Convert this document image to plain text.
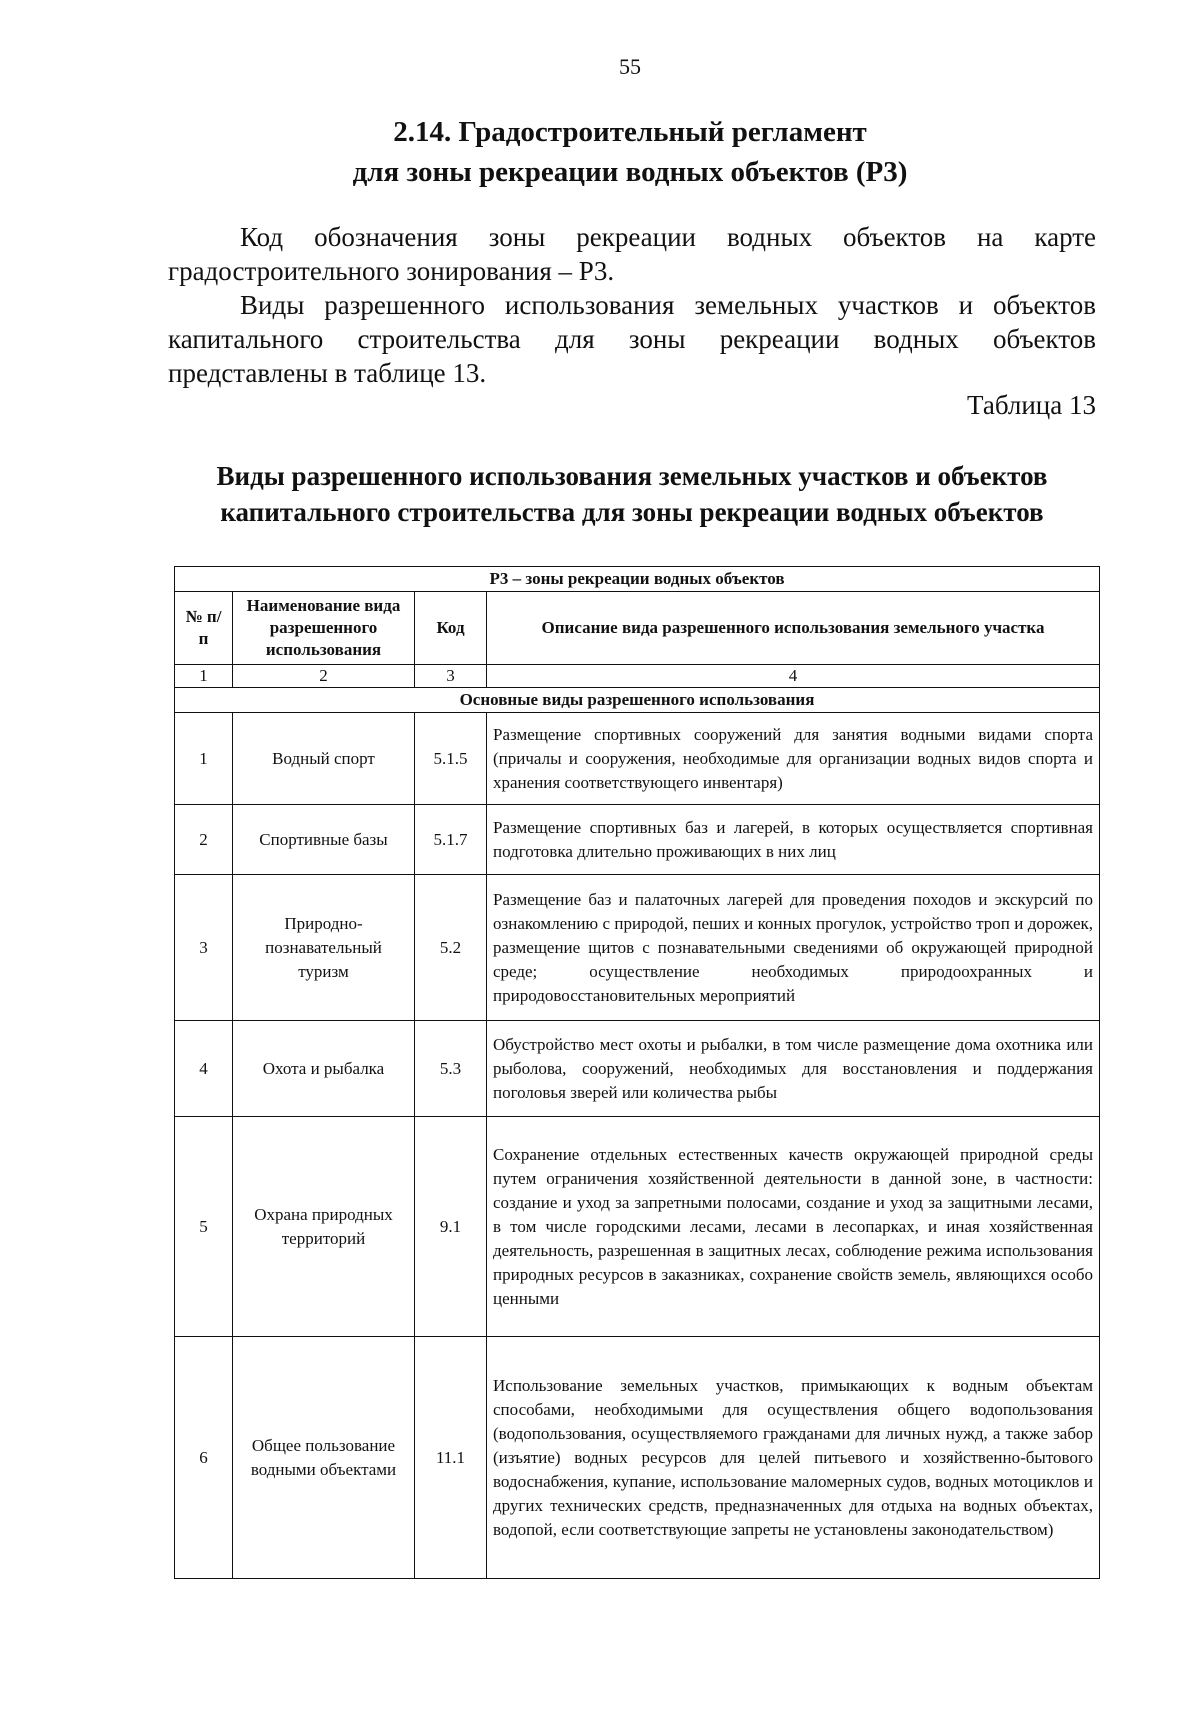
55
2.14. Градостроительный регламент
для зоны рекреации водных объектов (Р3)

Код обозначения зоны рекреации водных объектов на карте градостроительного зонирования – Р3.

Виды разрешенного использования земельных участков и объектов капитального строительства для зоны рекреации водных объектов представлены в таблице 13.

Таблица 13
Виды разрешенного использования земельных участков и объектов
капитального строительства для зоны рекреации водных объектов
Р3 – зоны рекреации водных объектов			
№ п/п	Наименование вида разрешенного использования	Код	Описание вида разрешенного использования земельного участка
1	2	3	4
Основные виды разрешенного использования			
1	Водный спорт	5.1.5	Размещение спортивных сооружений для занятия водными видами спорта (причалы и сооружения, необходимые для организации водных видов спорта и хранения соответствующего инвентаря)
2	Спортивные базы	5.1.7	Размещение спортивных баз и лагерей, в которых осуществляется спортивная подготовка длительно проживающих в них лиц
3	Природно-познавательный туризм	5.2	Размещение баз и палаточных лагерей для проведения походов и экскурсий по ознакомлению с природой, пеших и конных прогулок, устройство троп и дорожек, размещение щитов с познавательными сведениями об окружающей природной среде; осуществление необходимых природоохранных и природовосстановительных мероприятий
4	Охота и рыбалка	5.3	Обустройство мест охоты и рыбалки, в том числе размещение дома охотника или рыболова, сооружений, необходимых для восстановления и поддержания поголовья зверей или количества рыбы
5	Охрана природных территорий	9.1	Сохранение отдельных естественных качеств окружающей природной среды путем ограничения хозяйственной деятельности в данной зоне, в частности: создание и уход за запретными полосами, создание и уход за защитными лесами, в том числе городскими лесами, лесами в лесопарках, и иная хозяйственная деятельность, разрешенная в защитных лесах, соблюдение режима использования природных ресурсов в заказниках, сохранение свойств земель, являющихся особо ценными
6	Общее пользование водными объектами	11.1	Использование земельных участков, примыкающих к водным объектам способами, необходимыми для осуществления общего водопользования (водопользования, осуществляемого гражданами для личных нужд, а также забор (изъятие) водных ресурсов для целей питьевого и хозяйственно-бытового водоснабжения, купание, использование маломерных судов, водных мотоциклов и других технических средств, предназначенных для отдыха на водных объектах, водопой, если соответствующие запреты не установлены законодательством)
